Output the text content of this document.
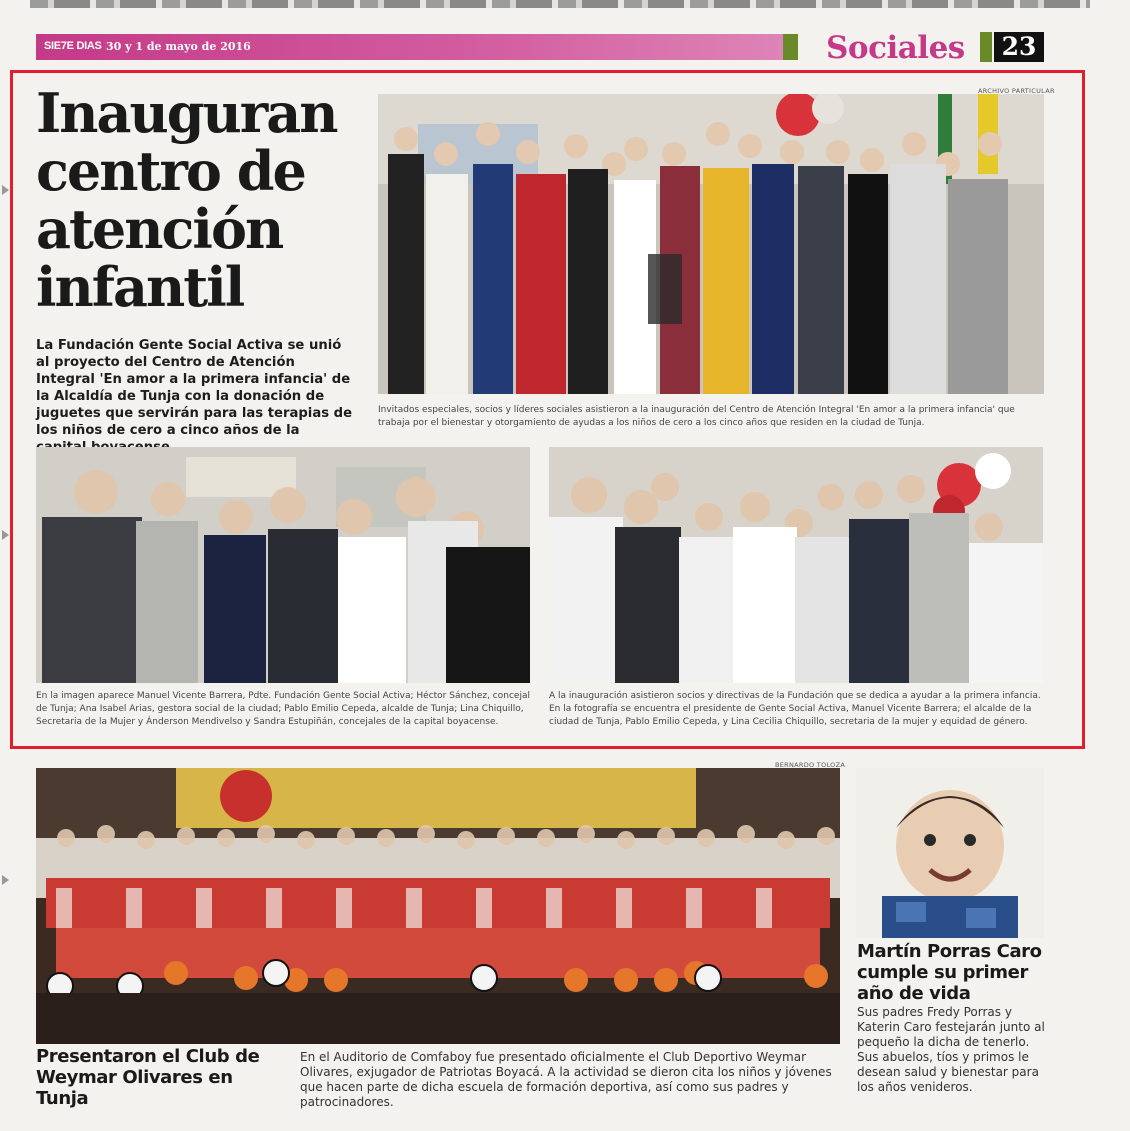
SIE7E DIAS 30 y 1 de mayo de 2016	Sociales	23
Inauguran
centro de
atención
infantil
La Fundación Gente Social Activa se unió al proyecto del Centro de Atención Integral 'En amor a la primera infancia' de la Alcaldía de Tunja con la donación de juguetes que servirán para las terapias de los niños de cero a cinco años de la
ARCHIVO PARTICULAR
Invitados especiales, socios y líderes sociales asistieron a la inauguración del Centro de Atención Integral 'En amor a la primera infancia' que trabaja por el bienestar y otorgamiento de ayudas a los niños de cero a los cinco años que residen en la ciudad de Tunja.
En la imagen aparece Manuel Vicente Barrera, Pdte. Fundación Gente Social Activa; Héctor Sánchez, concejal de Tunja; Ana Isabel Arias, gestora social de la ciudad; Pablo Emilio Cepeda, alcalde de Tunja; Lina Chiquillo, Secretaria de la Mujer y Ánderson Mendivelso y Sandra Estupiñán, concejales de la capital boyacense.
A la inauguración asistieron socios y directivas de la Fundación que se dedica a ayudar a la primera infancia. En la fotografía se encuentra el presidente de Gente Social Activa, Manuel Vicente Barrera; el alcalde de la ciudad de Tunja, Pablo Emilio Cepeda, y Lina Cecilia Chiquillo, secretaria de la mujer y equidad de género.
BERNARDO TOLOZA
Presentaron el Club de Weymar Olivares en Tunja
En el Auditorio de Comfaboy fue presentado oficialmente el Club Deportivo Weymar Olivares, exjugador de Patriotas Boyacá. A la actividad se dieron cita los niños y jóvenes que hacen parte de dicha escuela de formación deportiva, así como sus padres y patrocinadores.
Martín Porras Caro cumple su primer año de vida
Sus padres Fredy Porras y Katerin Caro festejarán junto al pequeño la dicha de tenerlo. Sus abuelos, tíos y primos le desean salud y bienestar para los años venideros.
